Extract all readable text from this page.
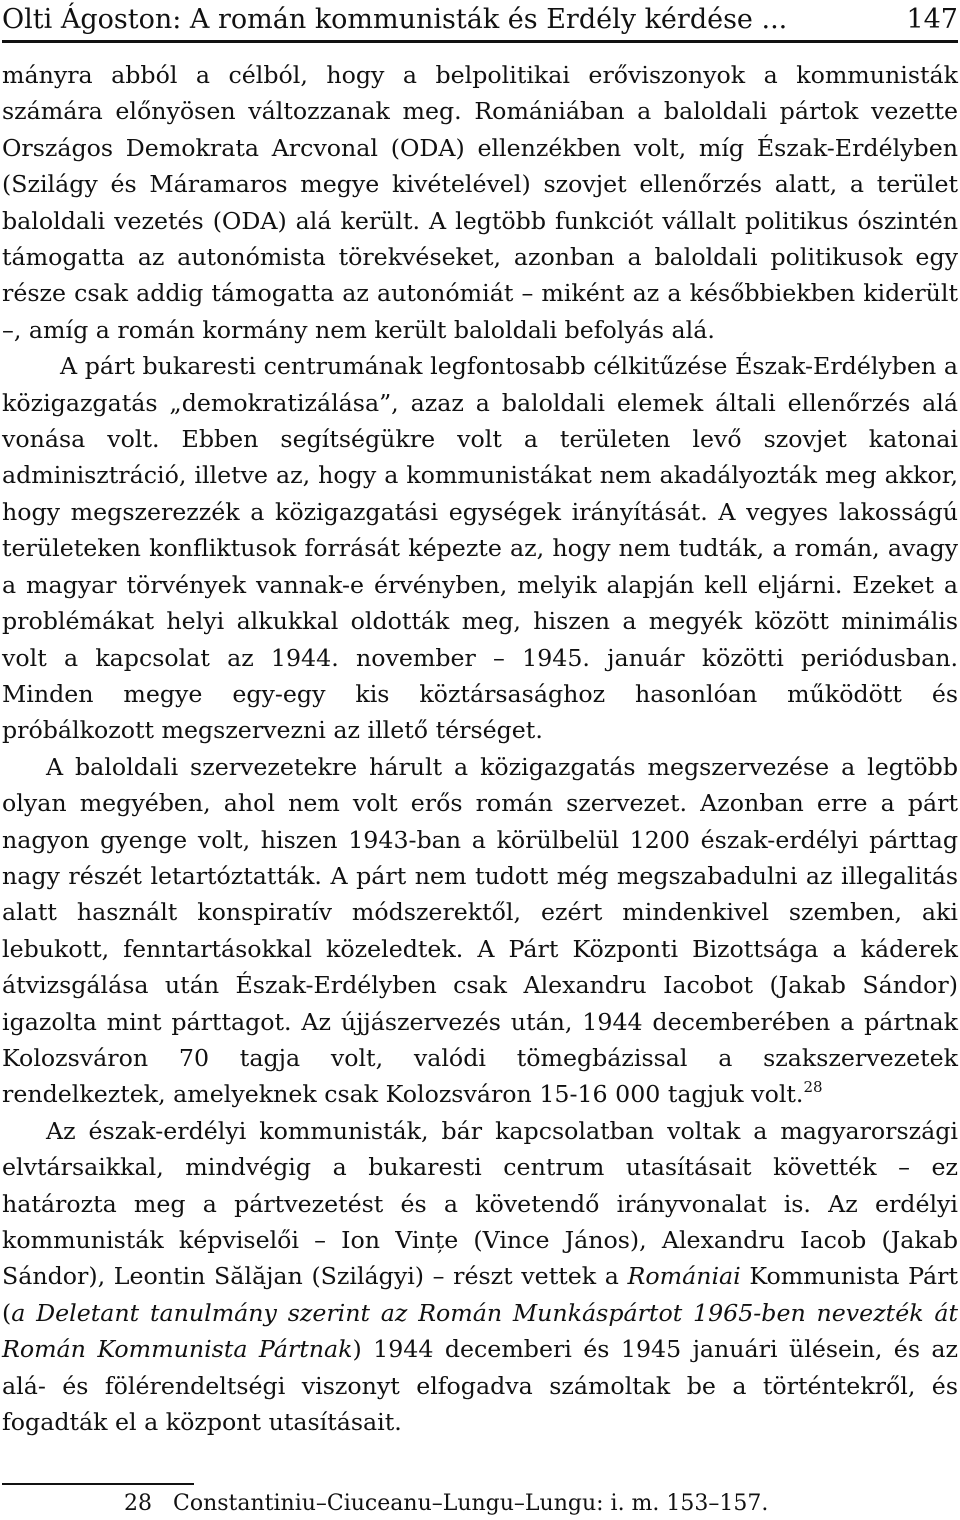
Olti Ágoston: A román kommunisták és Erdély kérdése ...	147

mányra abból a célból, hogy a belpolitikai erőviszonyok a kommunisták számára előnyösen változzanak meg. Romániában a baloldali pártok vezette Országos Demokrata Arcvonal (ODA) ellenzékben volt, míg Észak-Erdélyben (Szilágy és Máramaros megye kivételével) szovjet ellenőrzés alatt, a terület baloldali vezetés (ODA) alá került. A legtöbb funkciót vállalt politikus ószintén támogatta az autonómista törekvéseket, azonban a baloldali politikusok egy része csak addig támogatta az autonómiát – miként az a későbbiekben kiderült –, amíg a román kormány nem került baloldali befolyás alá.

A párt bukaresti centrumának legfontosabb célkitűzése Észak-Erdélyben a közigazgatás „demokratizálása”, azaz a baloldali elemek általi ellenőrzés alá vonása volt. Ebben segítségükre volt a területen levő szovjet katonai adminisztráció, illetve az, hogy a kommunistákat nem akadályozták meg akkor, hogy megszerezzék a közigazgatási egységek irányítását. A vegyes lakosságú területeken konfliktusok forrását képezte az, hogy nem tudták, a román, avagy a magyar törvények vannak-e érvényben, melyik alapján kell eljárni. Ezeket a problémákat helyi alkukkal oldották meg, hiszen a megyék között minimális volt a kapcsolat az 1944. november – 1945. január közötti periódusban. Minden megye egy-egy kis köztársasághoz hasonlóan működött és próbálkozott megszervezni az illető térséget.

A baloldali szervezetekre hárult a közigazgatás megszervezése a legtöbb olyan megyében, ahol nem volt erős román szervezet. Azonban erre a párt nagyon gyenge volt, hiszen 1943-ban a körülbelül 1200 észak-erdélyi párttag nagy részét letartóztatták. A párt nem tudott még megszabadulni az illegalitás alatt használt konspiratív módszerektől, ezért mindenkivel szemben, aki lebukott, fenntartásokkal közeledtek. A Párt Központi Bizottsága a káderek átvizsgálása után Észak-Erdélyben csak Alexandru Iacobot (Jakab Sándor) igazolta mint párttagot. Az újjászervezés után, 1944 decemberében a pártnak Kolozsváron 70 tagja volt, valódi tömegbázissal a szakszervezetek rendelkeztek, amelyeknek csak Kolozsváron 15-16 000 tagjuk volt.$^{28}$

Az észak-erdélyi kommunisták, bár kapcsolatban voltak a magyarországi elvtársaikkal, mindvégig a bukaresti centrum utasításait követték – ez határozta meg a pártvezetést és a követendő irányvonalat is. Az erdélyi kommunisták képviselői – Ion Vințe (Vince János), Alexandru Iacob (Jakab Sándor), Leontin Sălăjan (Szilágyi) – részt vettek a Romániai Kommunista Párt (a Deletant tanulmány szerint az Román Munkáspártot 1965-ben nevezték át Román Kommunista Pártnak) 1944 decemberi és 1945 januári ülésein, és az alá- és fölérendeltségi viszonyt elfogadva számoltak be a történtekről, és fogadták el a központ utasításait.

28 Constantiniu–Ciuceanu–Lungu–Lungu: i. m. 153–157.
